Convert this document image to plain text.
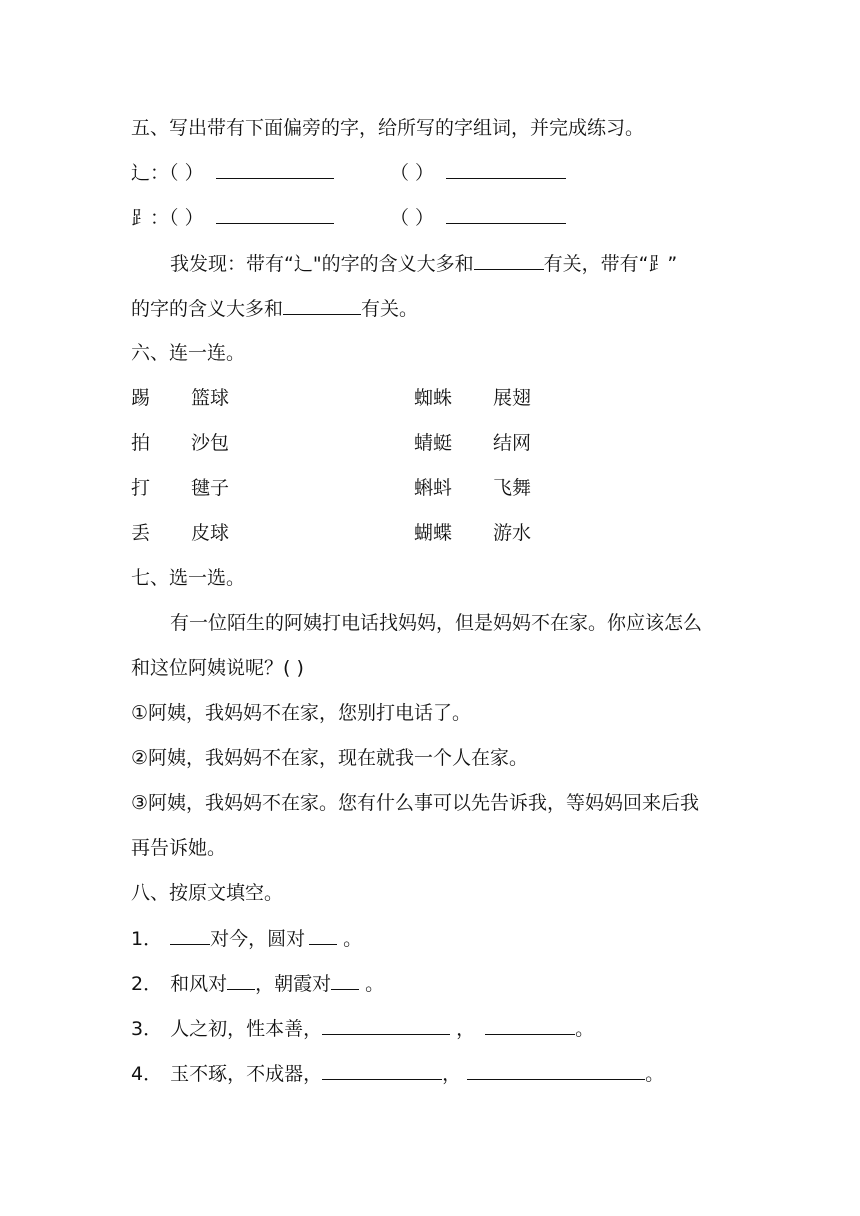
五、写出带有下面偏旁的字，给所写的字组词，并完成练习。
辶：（ ）	（ ）
⻊：（ ）	（ ）
我发现：带有“辶"的字的含义大多和	有关，带有“⻊”
的字的含义大多和	有关。
六、连一连。
踢 篮球	蜘蛛 展翅
拍 沙包	蜻蜓 结网
打 毽子	蝌蚪 飞舞
丢 皮球	蝴蝶 游水
七、选一选。
有一位陌生的阿姨打电话找妈妈，但是妈妈不在家。你应该怎么
和这位阿姨说呢？( )
①阿姨，我妈妈不在家，您别打电话了。
②阿姨，我妈妈不在家，现在就我一个人在家。
③阿姨，我妈妈不在家。您有什么事可以先告诉我，等妈妈回来后我
再告诉她。
八、按原文填空。
1．	对今，圆对 。
2． 和风对 ，朝霞对 。
3． 人之初，性本善，	，	。
4． 玉不琢，不成器，	，	。
